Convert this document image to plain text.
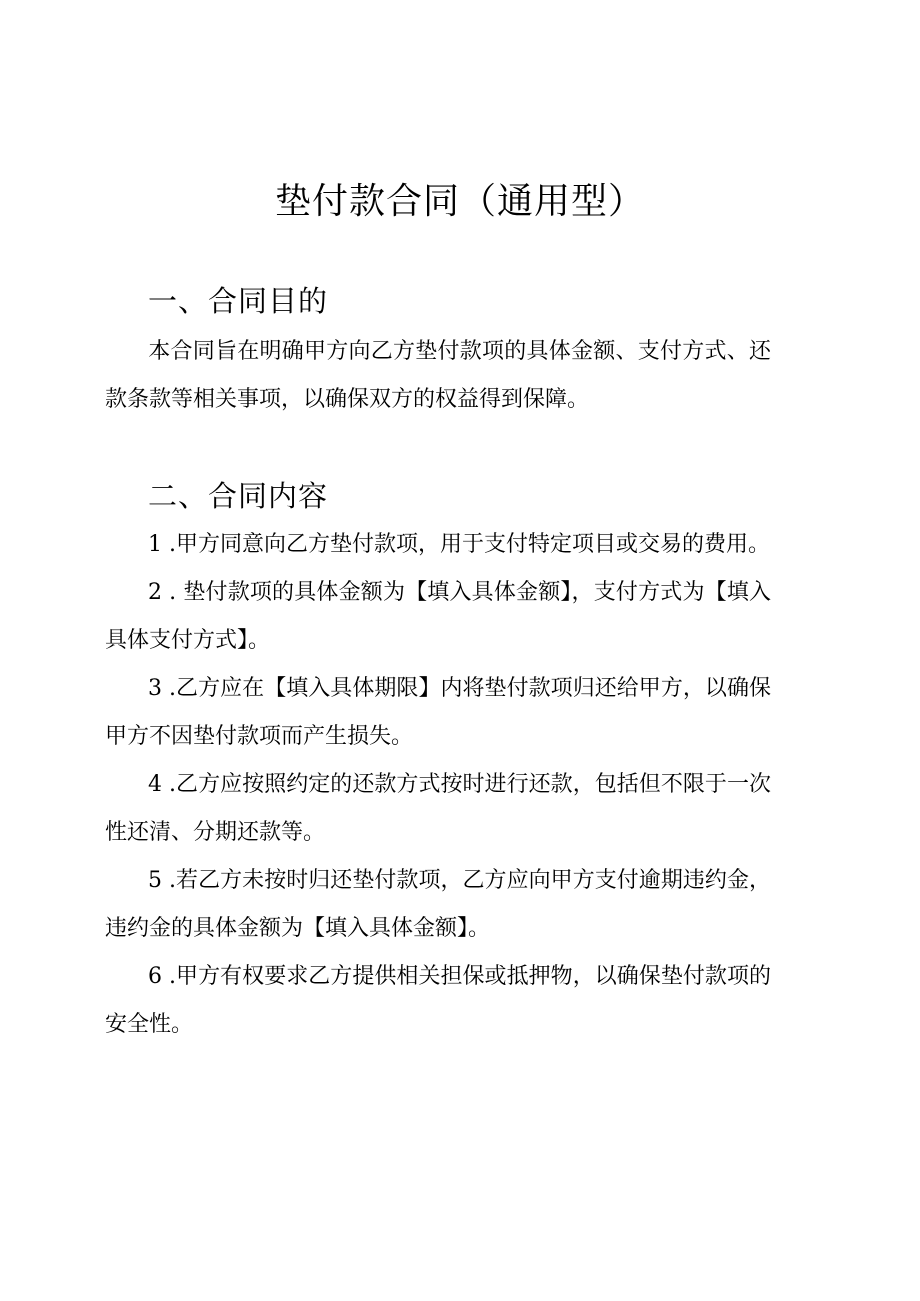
垫付款合同（通用型）
一、合同目的

本合同旨在明确甲方向乙方垫付款项的具体金额、支付方式、还款条款等相关事项，以确保双方的权益得到保障。

二、合同内容

1 .甲方同意向乙方垫付款项，用于支付特定项目或交易的费用。

2 . 垫付款项的具体金额为【填入具体金额】，支付方式为【填入具体支付方式】。

3 .乙方应在【填入具体期限】内将垫付款项归还给甲方，以确保甲方不因垫付款项而产生损失。

4 .乙方应按照约定的还款方式按时进行还款，包括但不限于一次性还清、分期还款等。

5 .若乙方未按时归还垫付款项，乙方应向甲方支付逾期违约金，违约金的具体金额为【填入具体金额】。

6 .甲方有权要求乙方提供相关担保或抵押物，以确保垫付款项的安全性。
